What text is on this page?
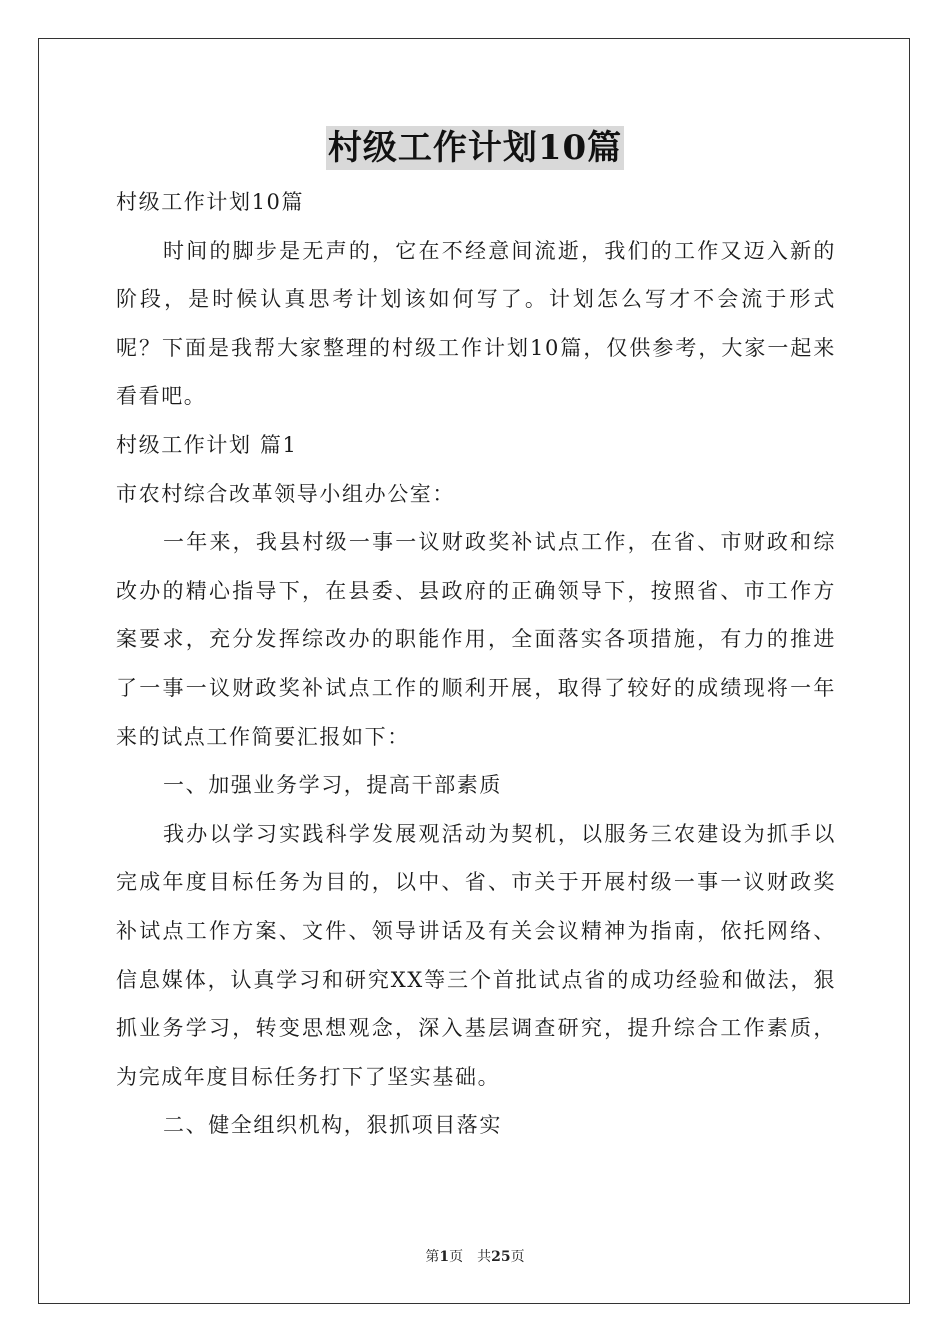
村级工作计划10篇

村级工作计划10篇

时间的脚步是无声的，它在不经意间流逝，我们的工作又迈入新的阶段，是时候认真思考计划该如何写了。计划怎么写才不会流于形式呢？下面是我帮大家整理的村级工作计划10篇，仅供参考，大家一起来看看吧。

村级工作计划 篇1

市农村综合改革领导小组办公室：

一年来，我县村级一事一议财政奖补试点工作，在省、市财政和综改办的精心指导下，在县委、县政府的正确领导下，按照省、市工作方案要求，充分发挥综改办的职能作用，全面落实各项措施，有力的推进了一事一议财政奖补试点工作的顺利开展，取得了较好的成绩现将一年来的试点工作简要汇报如下：

一、加强业务学习，提高干部素质

我办以学习实践科学发展观活动为契机，以服务三农建设为抓手以完成年度目标任务为目的，以中、省、市关于开展村级一事一议财政奖补试点工作方案、文件、领导讲话及有关会议精神为指南，依托网络、信息媒体，认真学习和研究XX等三个首批试点省的成功经验和做法，狠抓业务学习，转变思想观念，深入基层调查研究，提升综合工作素质，为完成年度目标任务打下了坚实基础。

二、健全组织机构，狠抓项目落实

第1页 共25页
